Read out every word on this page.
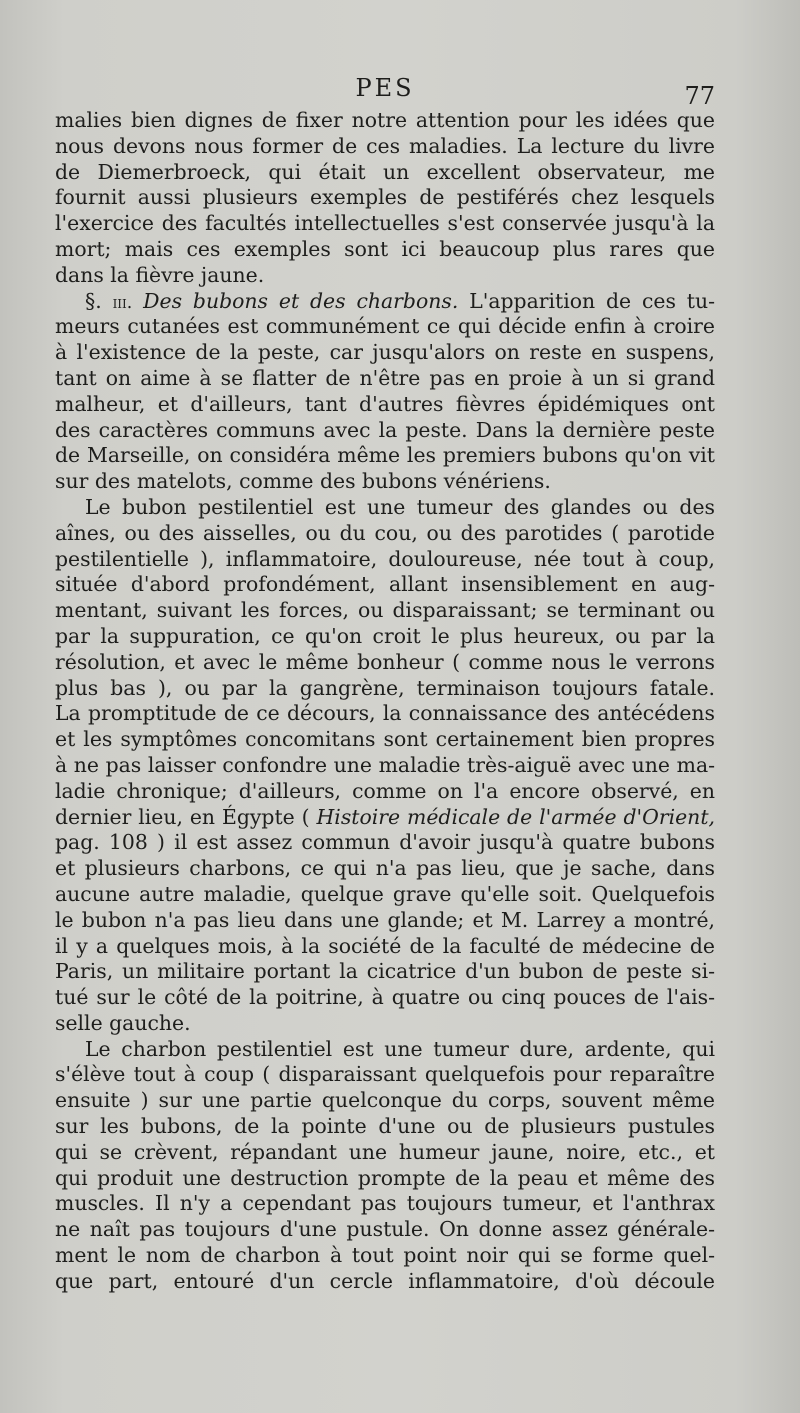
PES	77
malies bien dignes de fixer notre attention pour les idées que
nous devons nous former de ces maladies. La lecture du livre
de Diemerbroeck, qui était un excellent observateur, me
fournit aussi plusieurs exemples de pestiférés chez lesquels
l'exercice des facultés intellectuelles s'est conservée jusqu'à la
mort; mais ces exemples sont ici beaucoup plus rares que
dans la fièvre jaune.
§. iii. Des bubons et des charbons. L'apparition de ces tu-
meurs cutanées est communément ce qui décide enfin à croire
à l'existence de la peste, car jusqu'alors on reste en suspens,
tant on aime à se flatter de n'être pas en proie à un si grand
malheur, et d'ailleurs, tant d'autres fièvres épidémiques ont
des caractères communs avec la peste. Dans la dernière peste
de Marseille, on considéra même les premiers bubons qu'on vit
sur des matelots, comme des bubons vénériens.
Le bubon pestilentiel est une tumeur des glandes ou des
aînes, ou des aisselles, ou du cou, ou des parotides ( parotide
pestilentielle ), inflammatoire, douloureuse, née tout à coup,
située d'abord profondément, allant insensiblement en aug-
mentant, suivant les forces, ou disparaissant; se terminant ou
par la suppuration, ce qu'on croit le plus heureux, ou par la
résolution, et avec le même bonheur ( comme nous le verrons
plus bas ), ou par la gangrène, terminaison toujours fatale.
La promptitude de ce décours, la connaissance des antécédens
et les symptômes concomitans sont certainement bien propres
à ne pas laisser confondre une maladie très-aiguë avec une ma-
ladie chronique; d'ailleurs, comme on l'a encore observé, en
dernier lieu, en Égypte ( Histoire médicale de l'armée d'Orient,
pag. 108 ) il est assez commun d'avoir jusqu'à quatre bubons
et plusieurs charbons, ce qui n'a pas lieu, que je sache, dans
aucune autre maladie, quelque grave qu'elle soit. Quelquefois
le bubon n'a pas lieu dans une glande; et M. Larrey a montré,
il y a quelques mois, à la société de la faculté de médecine de
Paris, un militaire portant la cicatrice d'un bubon de peste si-
tué sur le côté de la poitrine, à quatre ou cinq pouces de l'ais-
selle gauche.
Le charbon pestilentiel est une tumeur dure, ardente, qui
s'élève tout à coup ( disparaissant quelquefois pour reparaître
ensuite ) sur une partie quelconque du corps, souvent même
sur les bubons, de la pointe d'une ou de plusieurs pustules
qui se crèvent, répandant une humeur jaune, noire, etc., et
qui produit une destruction prompte de la peau et même des
muscles. Il n'y a cependant pas toujours tumeur, et l'anthrax
ne naît pas toujours d'une pustule. On donne assez générale-
ment le nom de charbon à tout point noir qui se forme quel-
que part, entouré d'un cercle inflammatoire, d'où découle
